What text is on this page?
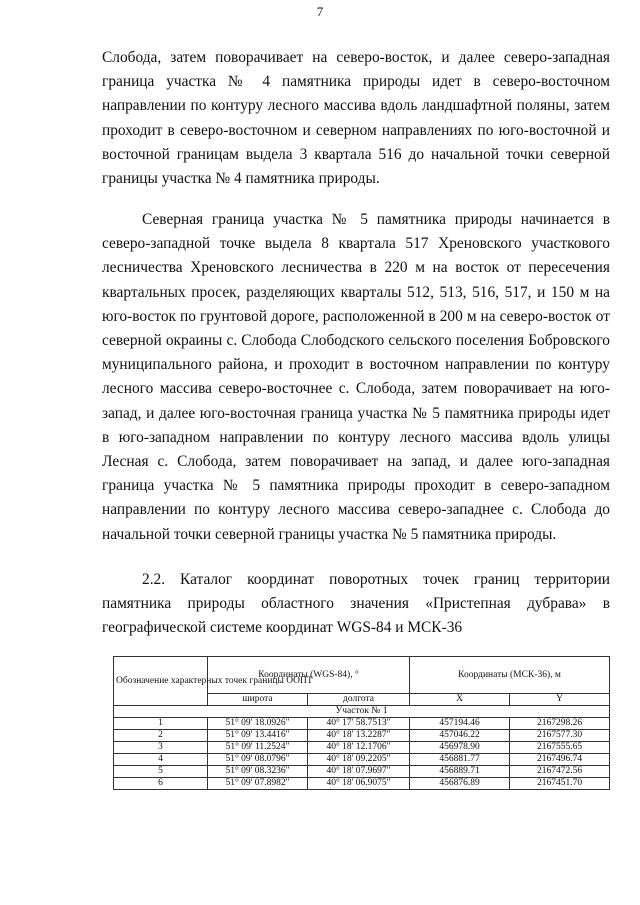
7

Слобода, затем поворачивает на северо-восток, и далее северо-западная граница участка № 4 памятника природы идет в северо-восточном направлении по контуру лесного массива вдоль ландшафтной поляны, затем проходит в северо-восточном и северном направлениях по юго-восточной и восточной границам выдела 3 квартала 516 до начальной точки северной границы участка № 4 памятника природы.

Северная граница участка № 5 памятника природы начинается в северо-западной точке выдела 8 квартала 517 Хреновского участкового лесничества Хреновского лесничества в 220 м на восток от пересечения квартальных просек, разделяющих кварталы 512, 513, 516, 517, и 150 м на юго-восток по грунтовой дороге, расположенной в 200 м на северо-восток от северной окраины с. Слобода Слободского сельского поселения Бобровского муниципального района, и проходит в восточном направлении по контуру лесного массива северо-восточнее с. Слобода, затем поворачивает на юго-запад, и далее юго-восточная граница участка № 5 памятника природы идет в юго-западном направлении по контуру лесного массива вдоль улицы Лесная с. Слобода, затем поворачивает на запад, и далее юго-западная граница участка № 5 памятника природы проходит в северо-западном направлении по контуру лесного массива северо-западнее с. Слобода до начальной точки северной границы участка № 5 памятника природы.

2.2. Каталог координат поворотных точек границ территории памятника природы областного значения «Пристепная дубрава» в географической системе координат WGS-84 и МСК-36

Обозначение характерных точек границы ООПТ	Координаты (WGS-84), °		Координаты (МСК-36), м	
	широта	долгота	X	Y
Участок № 1				
1	51° 09' 18.0926"	40° 17' 58.7513"	457194.46	2167298.26
2	51° 09' 13.4416"	40° 18' 13.2287"	457046.22	2167577.30
3	51° 09' 11.2524"	40° 18' 12.1706"	456978.90	2167555.65
4	51° 09' 08.0796"	40° 18' 09.2205"	456881.77	2167496.74
5	51° 09' 08.3236"	40° 18' 07.9697"	456889.71	2167472.56
6	51° 09' 07.8982"	40° 18' 06.9075"	456876.89	2167451.70
